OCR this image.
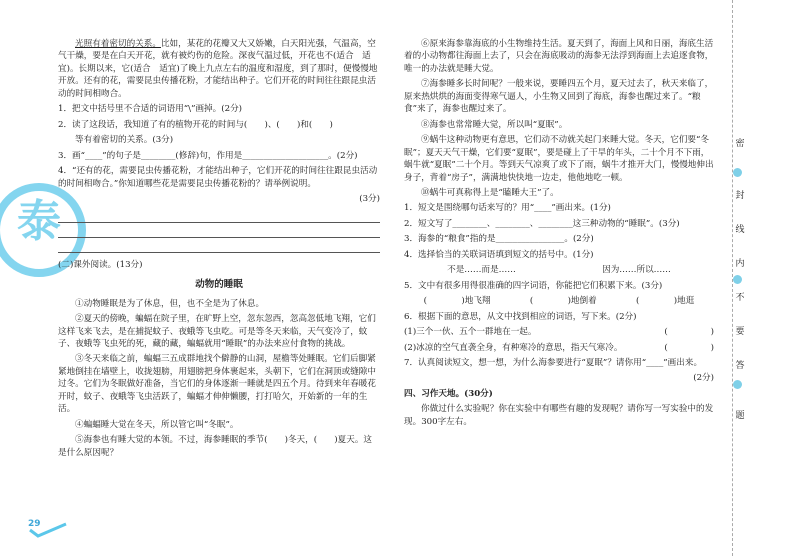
泰

光照有着密切的关系。比如，某花的花瓣又大又娇嫩，白天阳光强，气温高，空气干燥，要是在白天开花，就有被灼伤的危险。深夜气温过低，开花也不(适合　适宜)。长期以来，它(适合　适宜)了晚上九点左右的温度和湿度，到了那时，便慢慢地开放。还有的花，需要昆虫传播花粉，才能结出种子。它们开花的时间往往跟昆虫活动的时间相吻合。

1．把文中括号里不合适的词语用“\”画掉。(2分)

2．读了这段话，我知道了有的植物开花的时间与(　　)、(　　)和(　　)

等有着密切的关系。(3分)

3．画“____”的句子是________(修辞)句，作用是____________________。(2分)

4．“还有的花，需要昆虫传播花粉，才能结出种子，它们开花的时间往往跟昆虫活动的时间相吻合。”你知道哪些花是需要昆虫传播花粉的？请举例说明。

(3分)

(二)课外阅读。(13分)

动物的睡眠

①动物睡眠是为了休息，但，也不全是为了休息。

②夏天的傍晚，蝙蝠在院子里，在旷野上空，忽东忽西，忽高忽低地飞翔，它们这样飞来飞去，是在捕捉蚊子、夜蛾等飞虫吃。可是等冬天来临，天气变冷了，蚊子、夜蛾等飞虫死的死，藏的藏，蝙蝠就用“睡眠”的办法来应付食物的挑战。

③冬天来临之前，蝙蝠三五成群地找个僻静的山洞，屋檐等处睡眠。它们后脚紧紧地倒挂在墙壁上，收拢翅膀，用翅膀把身体裹起来，头朝下，它们在洞顶或缝隙中过冬。它们为冬眠做好准备，当它们的身体逐渐一睡就是四五个月。待到来年春暖花开时，蚊子、夜蛾等飞虫活跃了，蝙蝠才伸伸懒腰，打打哈欠，开始新的一年的生活。

④蝙蝠睡大觉在冬天，所以管它叫“冬眠”。

⑤海参也有睡大觉的本领。不过，海参睡眠的季节(　　)冬天，(　　)夏天。这是什么原因呢？

29

⑥原来海参靠海底的小生物维持生活。夏天到了，海面上风和日丽，海底生活着的小动物都往海面上去了，只会在海底吸动的海参无法浮到海面上去追逐食物，唯一的办法就是睡大觉。

⑦海参睡多长时间呢？一般来说，要睡四五个月，夏天过去了，秋天来临了，原来热烘烘的海面变得寒气逼人，小生物又回到了海底，海参也醒过来了。“粮食”来了，海参也醒过来了。

⑧海参也常常睡大觉，所以叫“夏眠”。

⑨蜗牛这种动物更有意思，它们动不动就关起门来睡大觉。冬天，它们要“冬眠”；夏天天气干燥，它们要“夏眠”，要是碰上了干旱的年头，二十个月不下雨，蜗牛就“夏眠”二十个月。等到天气凉爽了或下了雨，蜗牛才推开大门，慢慢地伸出身子，背着“房子”，满满地快快地一边走，他他地吃一顿。

⑩蜗牛可真称得上是“瞌睡大王”了。

1．短文是围绕哪句话来写的？用“____”画出来。(1分)

2．短文写了________、________、________这三种动物的“睡眠”。(3分)

3．海参的“粮食”指的是________________。(2分)

4．选择恰当的关联词语填到短文的括号中。(1分)

不是……而是……	因为……所以……

5．文中有很多用得很准确的四字词语，你能把它们积累下来。(3分)

(　　　　)地飞翔	(　　　　)地倒着	(　　　　)地逛

6．根据下面的意思，从文中找到相应的词语，写下来。(2分)

(1)三个一伙、五个一群地在一起。	(　　　　　)

(2)冰凉的空气直袭全身，有种寒冷的意思，指天气寒冷。	(　　　　　)

7．认真阅读短文，想一想，为什么海参要进行“夏眠”？请你用“____”画出来。

(2分)

四、习作天地。(30分)

你做过什么实验呢？你在实验中有哪些有趣的发现呢？请你写一写实验中的发现。300字左右。

密
封
线
内
不
要
答
题
